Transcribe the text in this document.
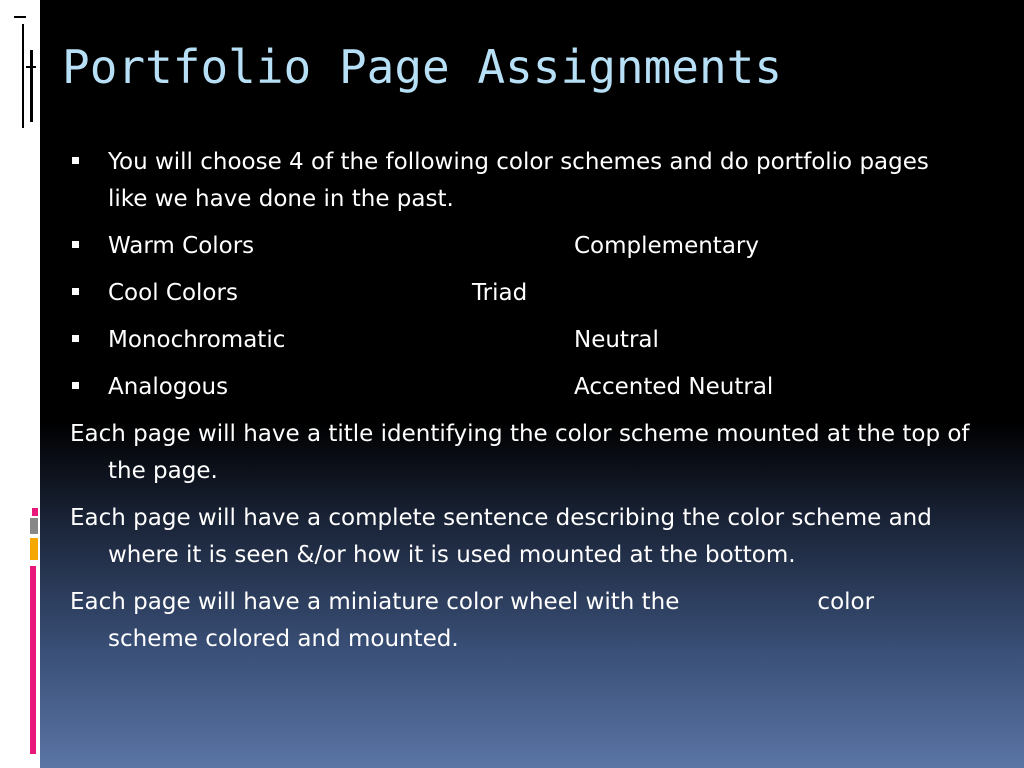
Portfolio Page Assignments
You will choose 4 of the following color schemes and do portfolio pages like we have done in the past.
Warm Colors	Complementary
Cool Colors	Triad
Monochromatic	Neutral
Analogous	Accented Neutral
Each page will have a title identifying the color scheme mounted at the top of the page.
Each page will have a complete sentence describing the color scheme and where it is seen &/or how it is used mounted at the bottom.
Each page will have a miniature color wheel with the	color scheme colored and mounted.
